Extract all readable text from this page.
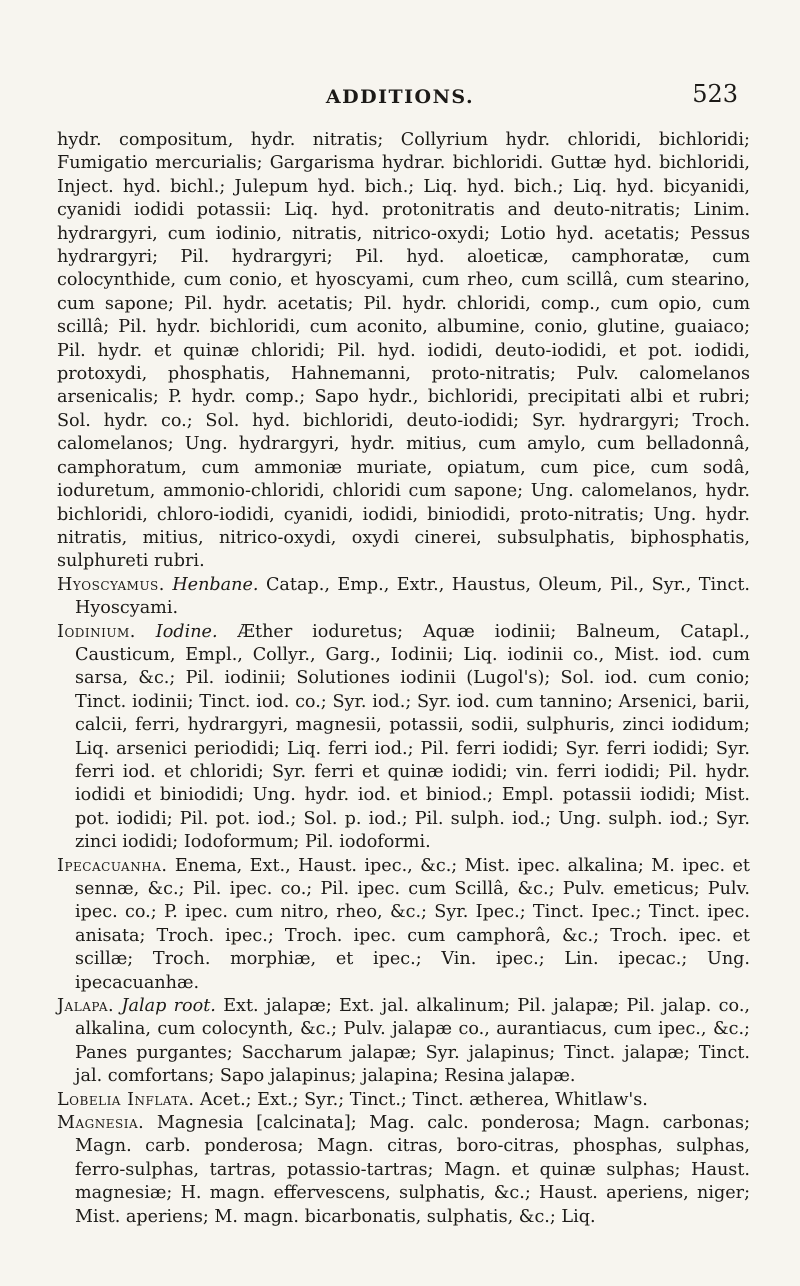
ADDITIONS.	523

hydr. compositum, hydr. nitratis; Collyrium hydr. chloridi, bichloridi; Fumigatio mercurialis; Gargarisma hydrar. bichloridi. Guttæ hyd. bichloridi, Inject. hyd. bichl.; Julepum hyd. bich.; Liq. hyd. bich.; Liq. hyd. bicyanidi, cyanidi iodidi potassii: Liq. hyd. protonitratis and deuto-nitratis; Linim. hydrargyri, cum iodinio, nitratis, nitrico-oxydi; Lotio hyd. acetatis; Pessus hydrargyri; Pil. hydrargyri; Pil. hyd. aloeticæ, camphoratæ, cum colocynthide, cum conio, et hyoscyami, cum rheo, cum scillâ, cum stearino, cum sapone; Pil. hydr. acetatis; Pil. hydr. chloridi, comp., cum opio, cum scillâ; Pil. hydr. bichloridi, cum aconito, albumine, conio, glutine, guaiaco; Pil. hydr. et quinæ chloridi; Pil. hyd. iodidi, deuto-iodidi, et pot. iodidi, protoxydi, phosphatis, Hahnemanni, proto-nitratis; Pulv. calomelanos arsenicalis; P. hydr. comp.; Sapo hydr., bichloridi, precipitati albi et rubri; Sol. hydr. co.; Sol. hyd. bichloridi, deuto-iodidi; Syr. hydrargyri; Troch. calomelanos; Ung. hydrargyri, hydr. mitius, cum amylo, cum belladonnâ, camphoratum, cum ammoniæ muriate, opiatum, cum pice, cum sodâ, ioduretum, ammonio-chloridi, chloridi cum sapone; Ung. calomelanos, hydr. bichloridi, chloro-iodidi, cyanidi, iodidi, biniodidi, proto-nitratis; Ung. hydr. nitratis, mitius, nitrico-oxydi, oxydi cinerei, subsulphatis, biphosphatis, sulphureti rubri.

Hyoscyamus. Henbane. Catap., Emp., Extr., Haustus, Oleum, Pil., Syr., Tinct. Hyoscyami.

Iodinium. Iodine. Æther ioduretus; Aquæ iodinii; Balneum, Catapl., Causticum, Empl., Collyr., Garg., Iodinii; Liq. iodinii co., Mist. iod. cum sarsa, &c.; Pil. iodinii; Solutiones iodinii (Lugol's); Sol. iod. cum conio; Tinct. iodinii; Tinct. iod. co.; Syr. iod.; Syr. iod. cum tannino; Arsenici, barii, calcii, ferri, hydrargyri, magnesii, potassii, sodii, sulphuris, zinci iodidum; Liq. arsenici periodidi; Liq. ferri iod.; Pil. ferri iodidi; Syr. ferri iodidi; Syr. ferri iod. et chloridi; Syr. ferri et quinæ iodidi; vin. ferri iodidi; Pil. hydr. iodidi et biniodidi; Ung. hydr. iod. et biniod.; Empl. potassii iodidi; Mist. pot. iodidi; Pil. pot. iod.; Sol. p. iod.; Pil. sulph. iod.; Ung. sulph. iod.; Syr. zinci iodidi; Iodoformum; Pil. iodoformi.

Ipecacuanha. Enema, Ext., Haust. ipec., &c.; Mist. ipec. alkalina; M. ipec. et sennæ, &c.; Pil. ipec. co.; Pil. ipec. cum Scillâ, &c.; Pulv. emeticus; Pulv. ipec. co.; P. ipec. cum nitro, rheo, &c.; Syr. Ipec.; Tinct. Ipec.; Tinct. ipec. anisata; Troch. ipec.; Troch. ipec. cum camphorâ, &c.; Troch. ipec. et scillæ; Troch. morphiæ, et ipec.; Vin. ipec.; Lin. ipecac.; Ung. ipecacuanhæ.

Jalapa. Jalap root. Ext. jalapæ; Ext. jal. alkalinum; Pil. jalapæ; Pil. jalap. co., alkalina, cum colocynth, &c.; Pulv. jalapæ co., aurantiacus, cum ipec., &c.; Panes purgantes; Saccharum jalapæ; Syr. jalapinus; Tinct. jalapæ; Tinct. jal. comfortans; Sapo jalapinus; jalapina; Resina jalapæ.

Lobelia Inflata. Acet.; Ext.; Syr.; Tinct.; Tinct. ætherea, Whitlaw's.

Magnesia. Magnesia [calcinata]; Mag. calc. ponderosa; Magn. carbonas; Magn. carb. ponderosa; Magn. citras, boro-citras, phosphas, sulphas, ferro-sulphas, tartras, potassio-tartras; Magn. et quinæ sulphas; Haust. magnesiæ; H. magn. effervescens, sulphatis, &c.; Haust. aperiens, niger; Mist. aperiens; M. magn. bicarbonatis, sulphatis, &c.; Liq.
